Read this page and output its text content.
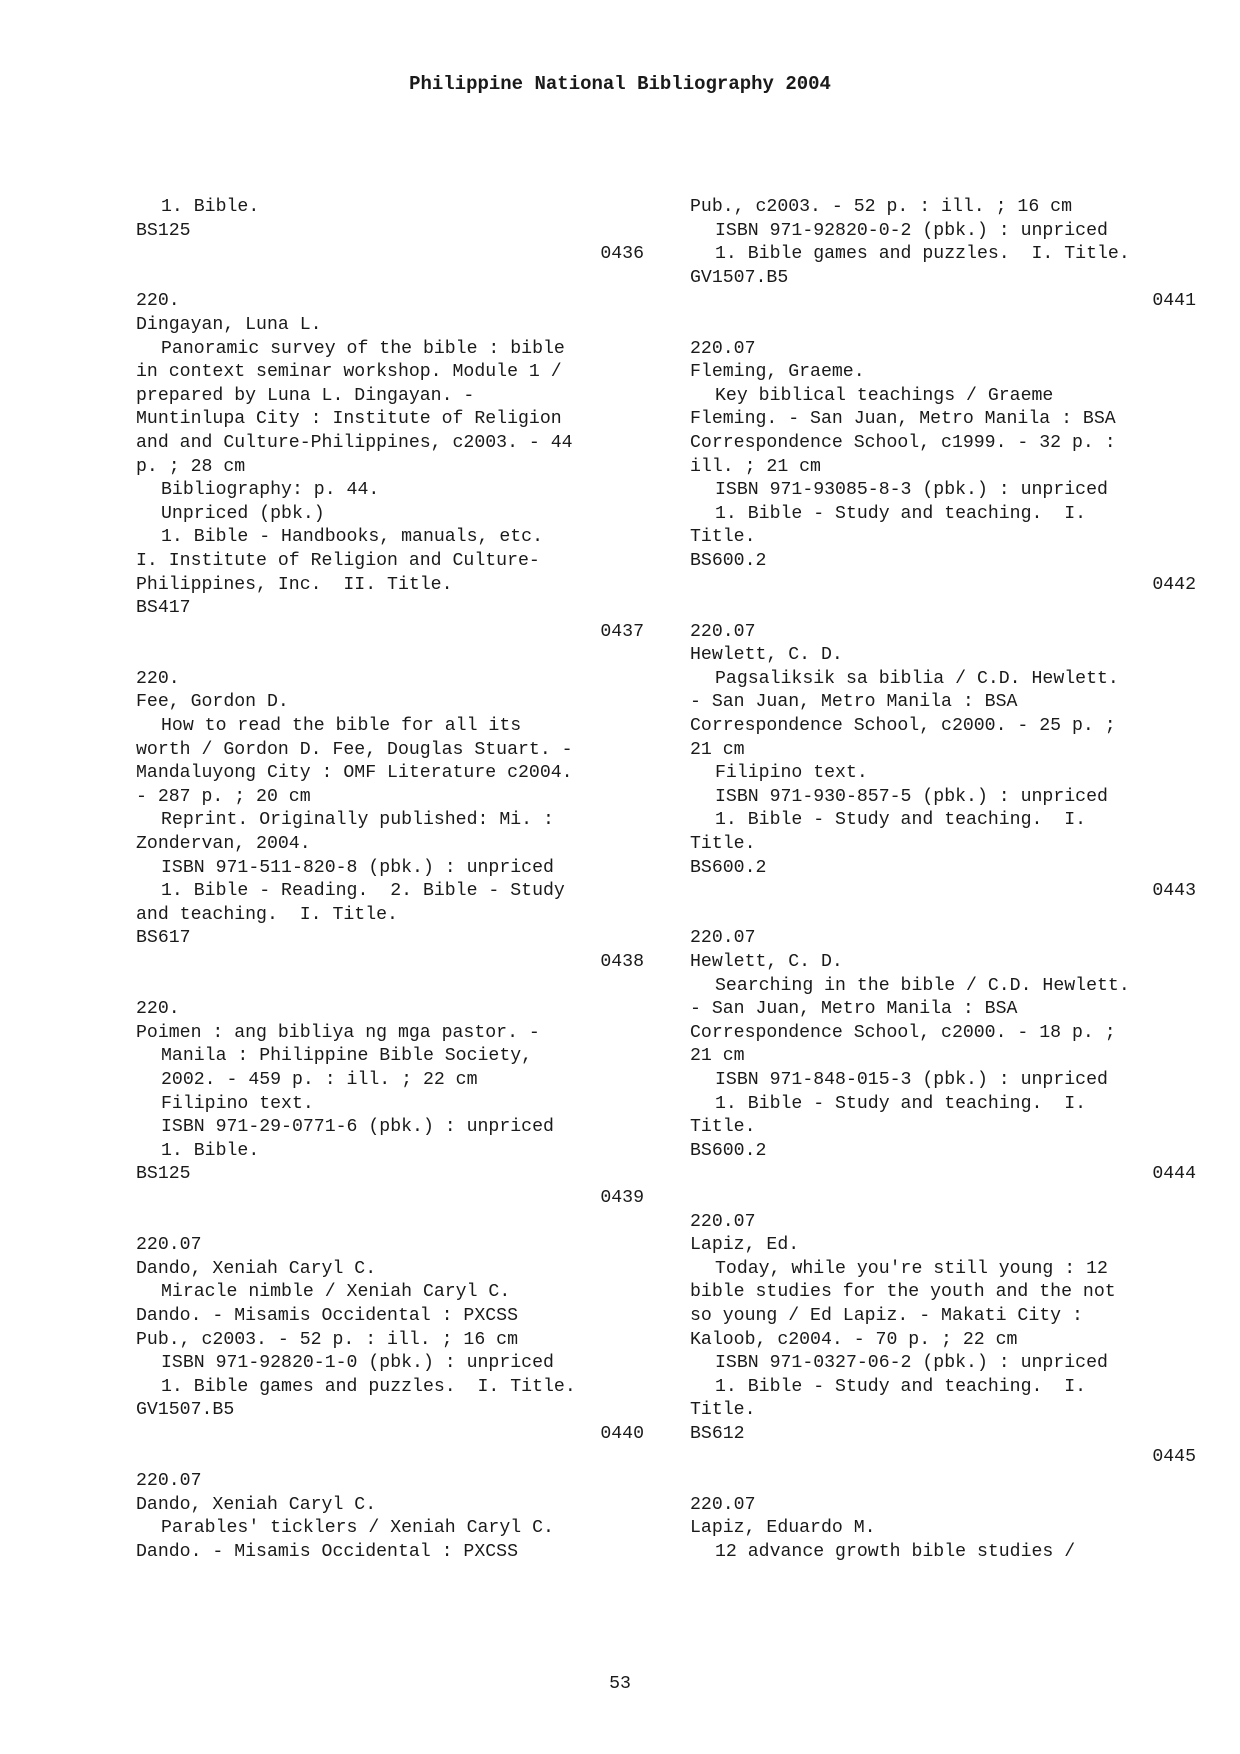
Philippine National Bibliography 2004
1. Bible.
BS125
0436
220.
Dingayan, Luna L.
Panoramic survey of the bible : bible
in context seminar workshop. Module 1 /
prepared by Luna L. Dingayan. -
Muntinlupa City : Institute of Religion
and and Culture-Philippines, c2003. - 44
p. ; 28 cm
Bibliography: p. 44.
Unpriced (pbk.)
1. Bible - Handbooks, manuals, etc.
I. Institute of Religion and Culture-
Philippines, Inc.  II. Title.
BS417
0437
220.
Fee, Gordon D.
How to read the bible for all its
worth / Gordon D. Fee, Douglas Stuart. -
Mandaluyong City : OMF Literature c2004.
- 287 p. ; 20 cm
Reprint. Originally published: Mi. :
Zondervan, 2004.
ISBN 971-511-820-8 (pbk.) : unpriced
1. Bible - Reading.  2. Bible - Study
and teaching.  I. Title.
BS617
0438
220.
Poimen : ang bibliya ng mga pastor. -
Manila : Philippine Bible Society,
2002. - 459 p. : ill. ; 22 cm
Filipino text.
ISBN 971-29-0771-6 (pbk.) : unpriced
1. Bible.
BS125
0439
220.07
Dando, Xeniah Caryl C.
Miracle nimble / Xeniah Caryl C.
Dando. - Misamis Occidental : PXCSS
Pub., c2003. - 52 p. : ill. ; 16 cm
ISBN 971-92820-1-0 (pbk.) : unpriced
1. Bible games and puzzles.  I. Title.
GV1507.B5
0440
220.07
Dando, Xeniah Caryl C.
Parables' ticklers / Xeniah Caryl C.
Dando. - Misamis Occidental : PXCSS
Pub., c2003. - 52 p. : ill. ; 16 cm
ISBN 971-92820-0-2 (pbk.) : unpriced
1. Bible games and puzzles.  I. Title.
GV1507.B5
0441
220.07
Fleming, Graeme.
Key biblical teachings / Graeme
Fleming. - San Juan, Metro Manila : BSA
Correspondence School, c1999. - 32 p. :
ill. ; 21 cm
ISBN 971-93085-8-3 (pbk.) : unpriced
1. Bible - Study and teaching.  I.
Title.
BS600.2
0442
220.07
Hewlett, C. D.
Pagsaliksik sa biblia / C.D. Hewlett.
- San Juan, Metro Manila : BSA
Correspondence School, c2000. - 25 p. ;
21 cm
Filipino text.
ISBN 971-930-857-5 (pbk.) : unpriced
1. Bible - Study and teaching.  I.
Title.
BS600.2
0443
220.07
Hewlett, C. D.
Searching in the bible / C.D. Hewlett.
- San Juan, Metro Manila : BSA
Correspondence School, c2000. - 18 p. ;
21 cm
ISBN 971-848-015-3 (pbk.) : unpriced
1. Bible - Study and teaching.  I.
Title.
BS600.2
0444
220.07
Lapiz, Ed.
Today, while you're still young : 12
bible studies for the youth and the not
so young / Ed Lapiz. - Makati City :
Kaloob, c2004. - 70 p. ; 22 cm
ISBN 971-0327-06-2 (pbk.) : unpriced
1. Bible - Study and teaching.  I.
Title.
BS612
0445
220.07
Lapiz, Eduardo M.
12 advance growth bible studies /
53
